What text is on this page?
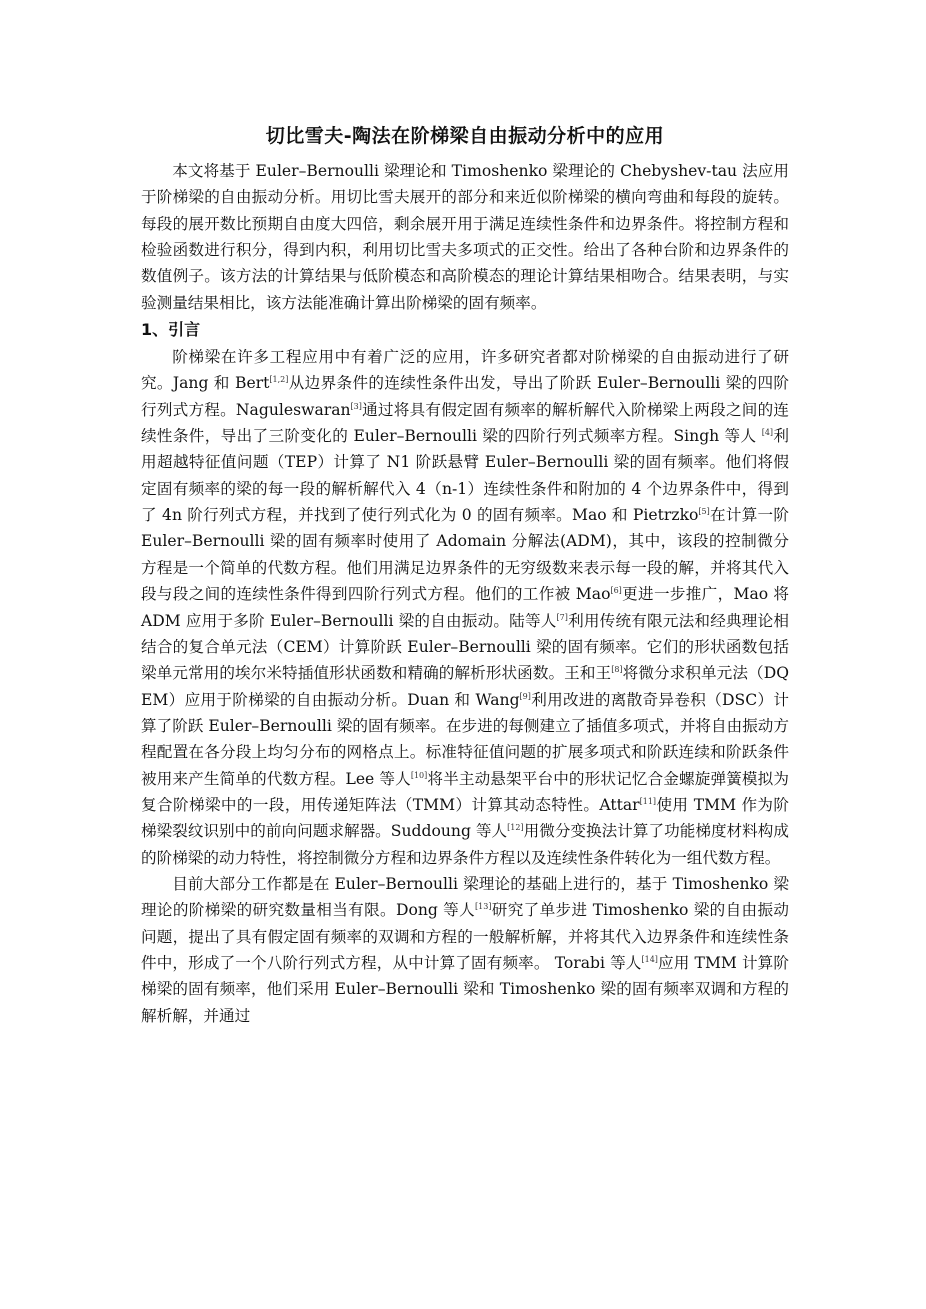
切比雪夫-陶法在阶梯梁自由振动分析中的应用

本文将基于 Euler–Bernoulli 梁理论和 Timoshenko 梁理论的 Chebyshev-tau 法应用于阶梯梁的自由振动分析。用切比雪夫展开的部分和来近似阶梯梁的横向弯曲和每段的旋转。每段的展开数比预期自由度大四倍，剩余展开用于满足连续性条件和边界条件。将控制方程和检验函数进行积分，得到内积，利用切比雪夫多项式的正交性。给出了各种台阶和边界条件的数值例子。该方法的计算结果与低阶模态和高阶模态的理论计算结果相吻合。结果表明，与实验测量结果相比，该方法能准确计算出阶梯梁的固有频率。

1、引言

阶梯梁在许多工程应用中有着广泛的应用，许多研究者都对阶梯梁的自由振动进行了研究。Jang 和 Bert[1,2]从边界条件的连续性条件出发，导出了阶跃 Euler–Bernoulli 梁的四阶行列式方程。Naguleswaran[3]通过将具有假定固有频率的解析解代入阶梯梁上两段之间的连续性条件，导出了三阶变化的 Euler–Bernoulli 梁的四阶行列式频率方程。Singh 等人 [4]利用超越特征值问题（TEP）计算了 N1 阶跃悬臂 Euler–Bernoulli 梁的固有频率。他们将假定固有频率的梁的每一段的解析解代入 4（n-1）连续性条件和附加的 4 个边界条件中，得到了 4n 阶行列式方程，并找到了使行列式化为 0 的固有频率。Mao 和 Pietrzko[5]在计算一阶 Euler–Bernoulli 梁的固有频率时使用了 Adomain 分解法(ADM)，其中，该段的控制微分方程是一个简单的代数方程。他们用满足边界条件的无穷级数来表示每一段的解，并将其代入段与段之间的连续性条件得到四阶行列式方程。他们的工作被 Mao[6]更进一步推广，Mao 将 ADM 应用于多阶 Euler–Bernoulli 梁的自由振动。陆等人[7]利用传统有限元法和经典理论相结合的复合单元法（CEM）计算阶跃 Euler–Bernoulli 梁的固有频率。它们的形状函数包括梁单元常用的埃尔米特插值形状函数和精确的解析形状函数。王和王[8]将微分求积单元法（DQEM）应用于阶梯梁的自由振动分析。Duan 和 Wang[9]利用改进的离散奇异卷积（DSC）计算了阶跃 Euler–Bernoulli 梁的固有频率。在步进的每侧建立了插值多项式，并将自由振动方程配置在各分段上均匀分布的网格点上。标准特征值问题的扩展多项式和阶跃连续和阶跃条件被用来产生简单的代数方程。Lee 等人[10]将半主动悬架平台中的形状记忆合金螺旋弹簧模拟为复合阶梯梁中的一段，用传递矩阵法（TMM）计算其动态特性。Attar[11]使用 TMM 作为阶梯梁裂纹识别中的前向问题求解器。Suddoung 等人[12]用微分变换法计算了功能梯度材料构成的阶梯梁的动力特性，将控制微分方程和边界条件方程以及连续性条件转化为一组代数方程。

目前大部分工作都是在 Euler–Bernoulli 梁理论的基础上进行的，基于 Timoshenko 梁理论的阶梯梁的研究数量相当有限。Dong 等人[13]研究了单步进 Timoshenko 梁的自由振动问题，提出了具有假定固有频率的双调和方程的一般解析解，并将其代入边界条件和连续性条件中，形成了一个八阶行列式方程，从中计算了固有频率。 Torabi 等人[14]应用 TMM 计算阶梯梁的固有频率，他们采用 Euler–Bernoulli 梁和 Timoshenko 梁的固有频率双调和方程的解析解，并通过
